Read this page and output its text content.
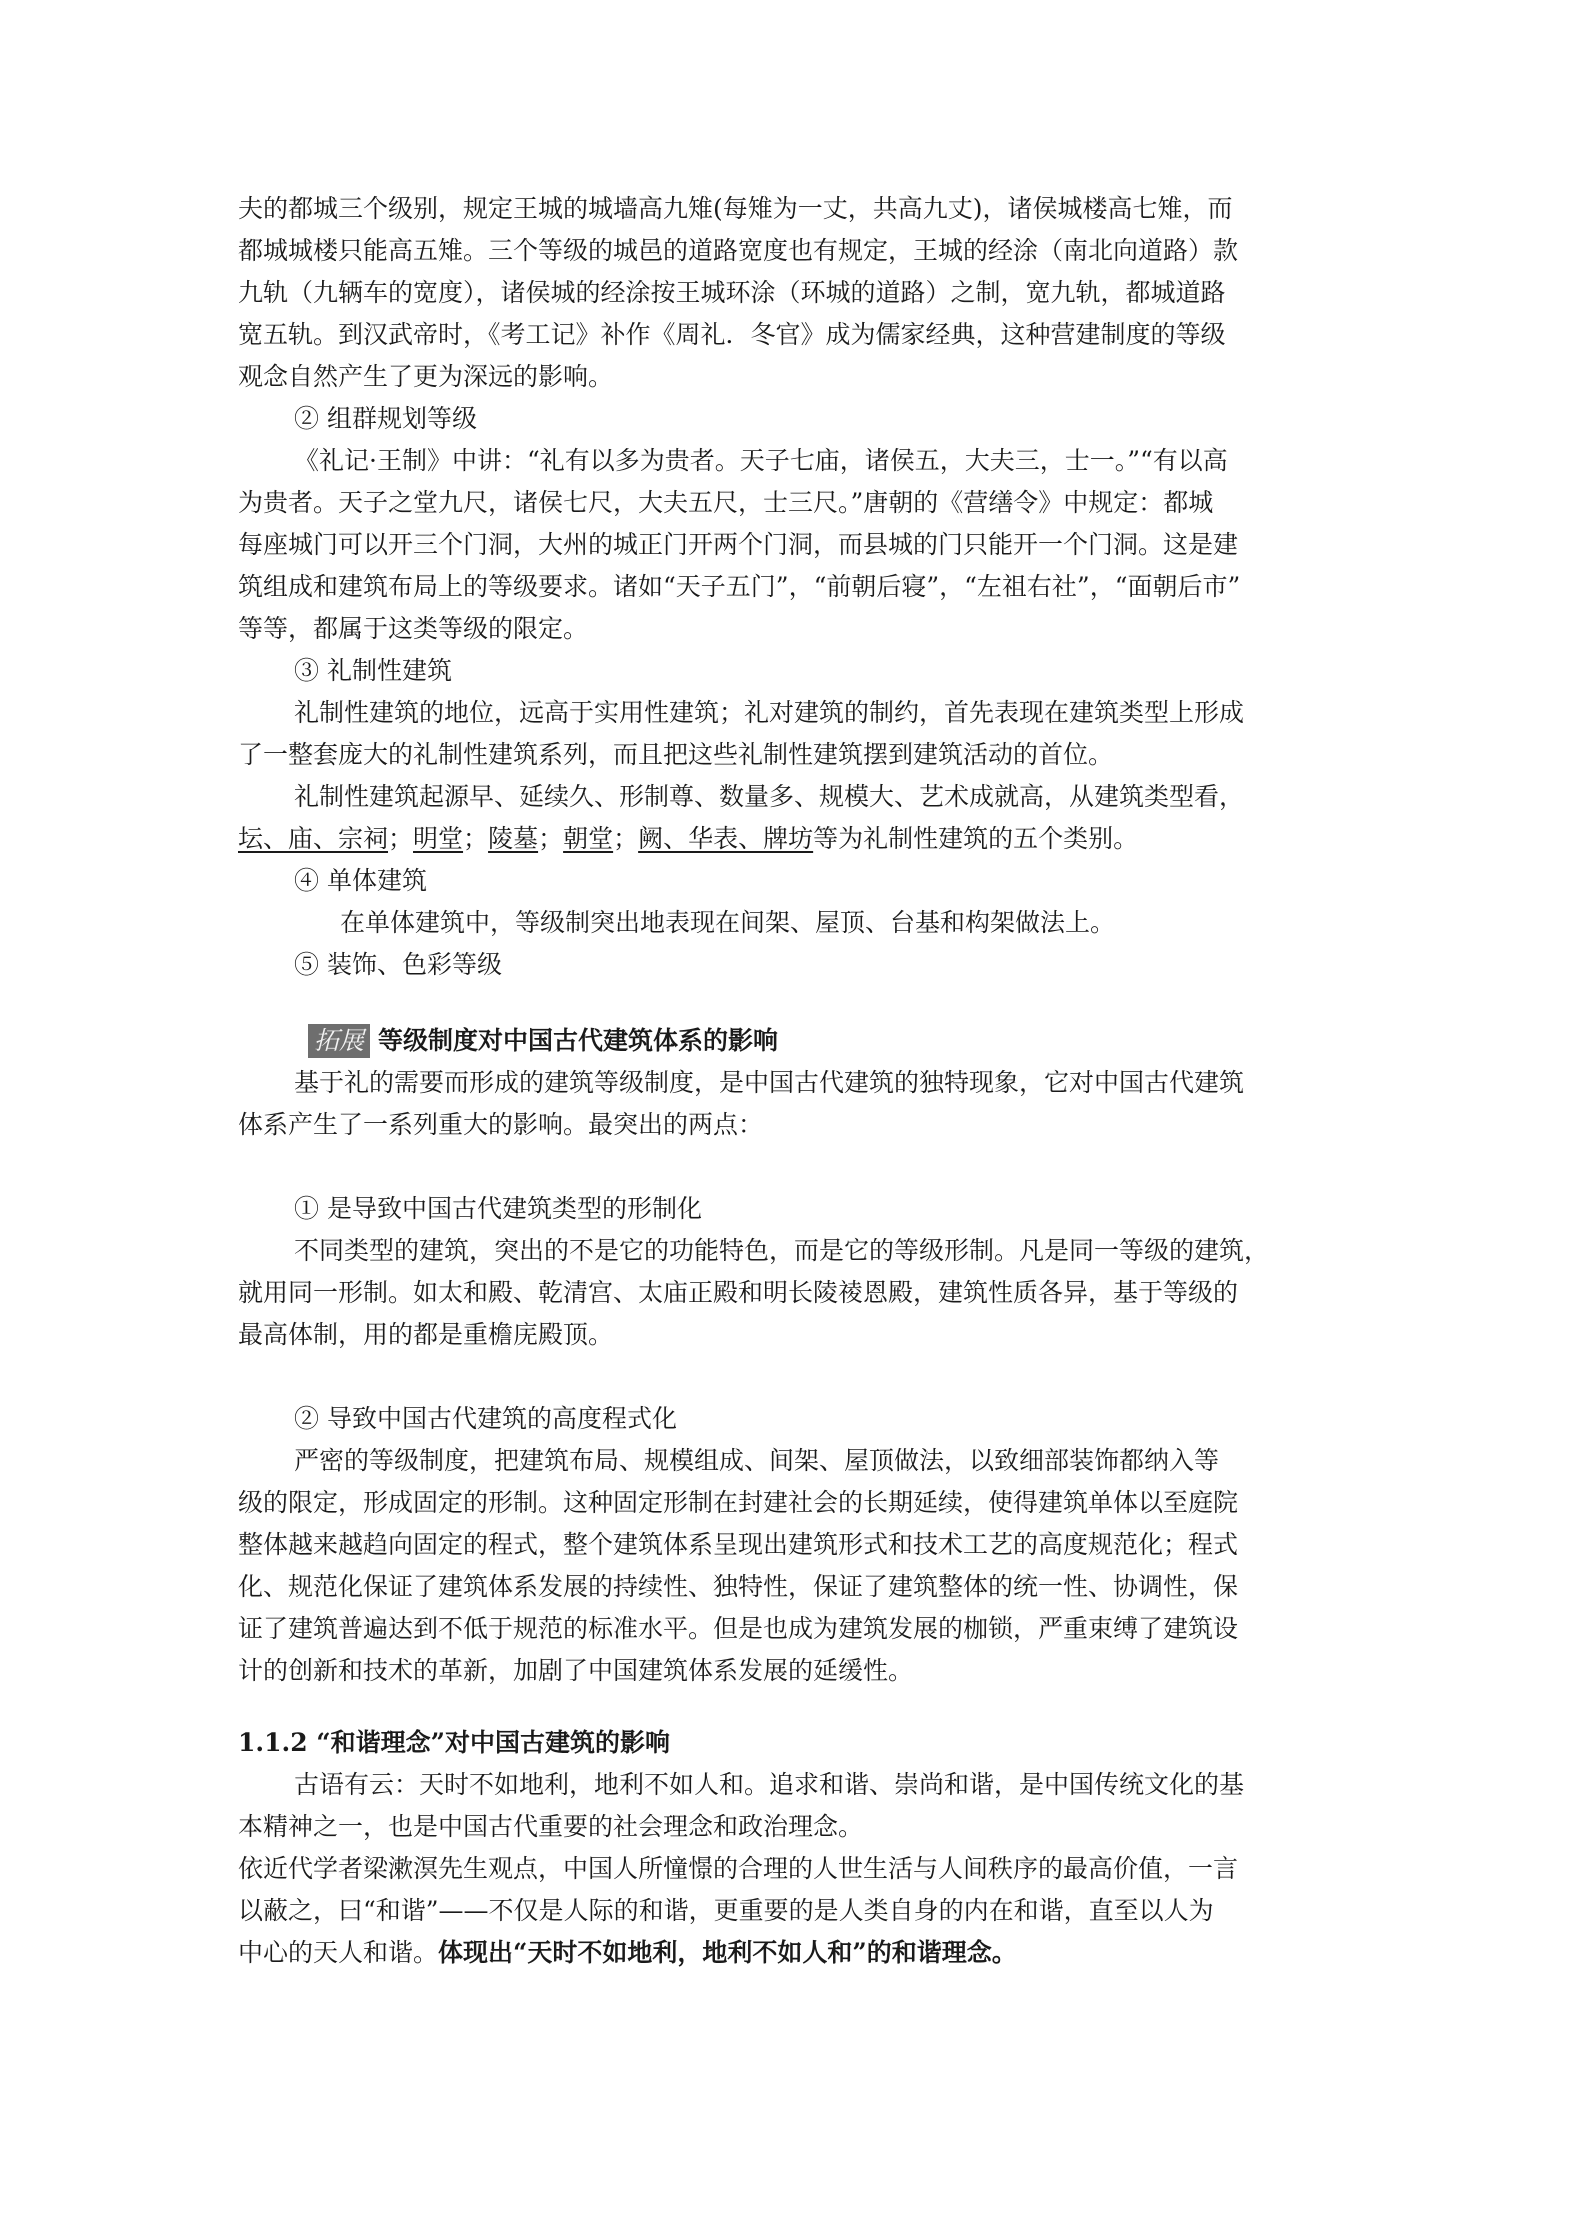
夫的都城三个级别，规定王城的城墙高九雉(每雉为一丈，共高九丈)，诸侯城楼高七雉，而
都城城楼只能高五雉。三个等级的城邑的道路宽度也有规定，王城的经涂（南北向道路）款
九轨（九辆车的宽度），诸侯城的经涂按王城环涂（环城的道路）之制，宽九轨，都城道路
宽五轨。到汉武帝时，《考工记》补作《周礼．冬官》成为儒家经典，这种营建制度的等级
观念自然产生了更为深远的影响。

② 组群规划等级

《礼记·王制》中讲：“礼有以多为贵者。天子七庙，诸侯五，大夫三，士一。”“有以高
为贵者。天子之堂九尺，诸侯七尺，大夫五尺，士三尺。”唐朝的《营缮令》中规定：都城
每座城门可以开三个门洞，大州的城正门开两个门洞，而县城的门只能开一个门洞。这是建
筑组成和建筑布局上的等级要求。诸如“天子五门”，“前朝后寝”，“左祖右社”，“面朝后市”
等等，都属于这类等级的限定。

③ 礼制性建筑

礼制性建筑的地位，远高于实用性建筑；礼对建筑的制约，首先表现在建筑类型上形成
了一整套庞大的礼制性建筑系列，而且把这些礼制性建筑摆到建筑活动的首位。

礼制性建筑起源早、延续久、形制尊、数量多、规模大、艺术成就高，从建筑类型看，
坛、庙、宗祠；明堂；陵墓；朝堂；阙、华表、牌坊等为礼制性建筑的五个类别。

④ 单体建筑

在单体建筑中，等级制突出地表现在间架、屋顶、台基和构架做法上。

⑤ 装饰、色彩等级

拓展 等级制度对中国古代建筑体系的影响

基于礼的需要而形成的建筑等级制度，是中国古代建筑的独特现象，它对中国古代建筑
体系产生了一系列重大的影响。最突出的两点：

① 是导致中国古代建筑类型的形制化

不同类型的建筑，突出的不是它的功能特色，而是它的等级形制。凡是同一等级的建筑，
就用同一形制。如太和殿、乾清宫、太庙正殿和明长陵祾恩殿，建筑性质各异，基于等级的
最高体制，用的都是重檐庑殿顶。

② 导致中国古代建筑的高度程式化

严密的等级制度，把建筑布局、规模组成、间架、屋顶做法，以致细部装饰都纳入等
级的限定，形成固定的形制。这种固定形制在封建社会的长期延续，使得建筑单体以至庭院
整体越来越趋向固定的程式，整个建筑体系呈现出建筑形式和技术工艺的高度规范化；程式
化、规范化保证了建筑体系发展的持续性、独特性，保证了建筑整体的统一性、协调性，保
证了建筑普遍达到不低于规范的标准水平。但是也成为建筑发展的枷锁，严重束缚了建筑设
计的创新和技术的革新，加剧了中国建筑体系发展的延缓性。

1.1.2 “和谐理念”对中国古建筑的影响

古语有云：天时不如地利，地利不如人和。追求和谐、崇尚和谐，是中国传统文化的基
本精神之一，也是中国古代重要的社会理念和政治理念。

依近代学者梁漱溟先生观点，中国人所憧憬的合理的人世生活与人间秩序的最高价值，一言
以蔽之，曰“和谐”——不仅是人际的和谐，更重要的是人类自身的内在和谐，直至以人为
中心的天人和谐。体现出“天时不如地利，地利不如人和”的和谐理念。
